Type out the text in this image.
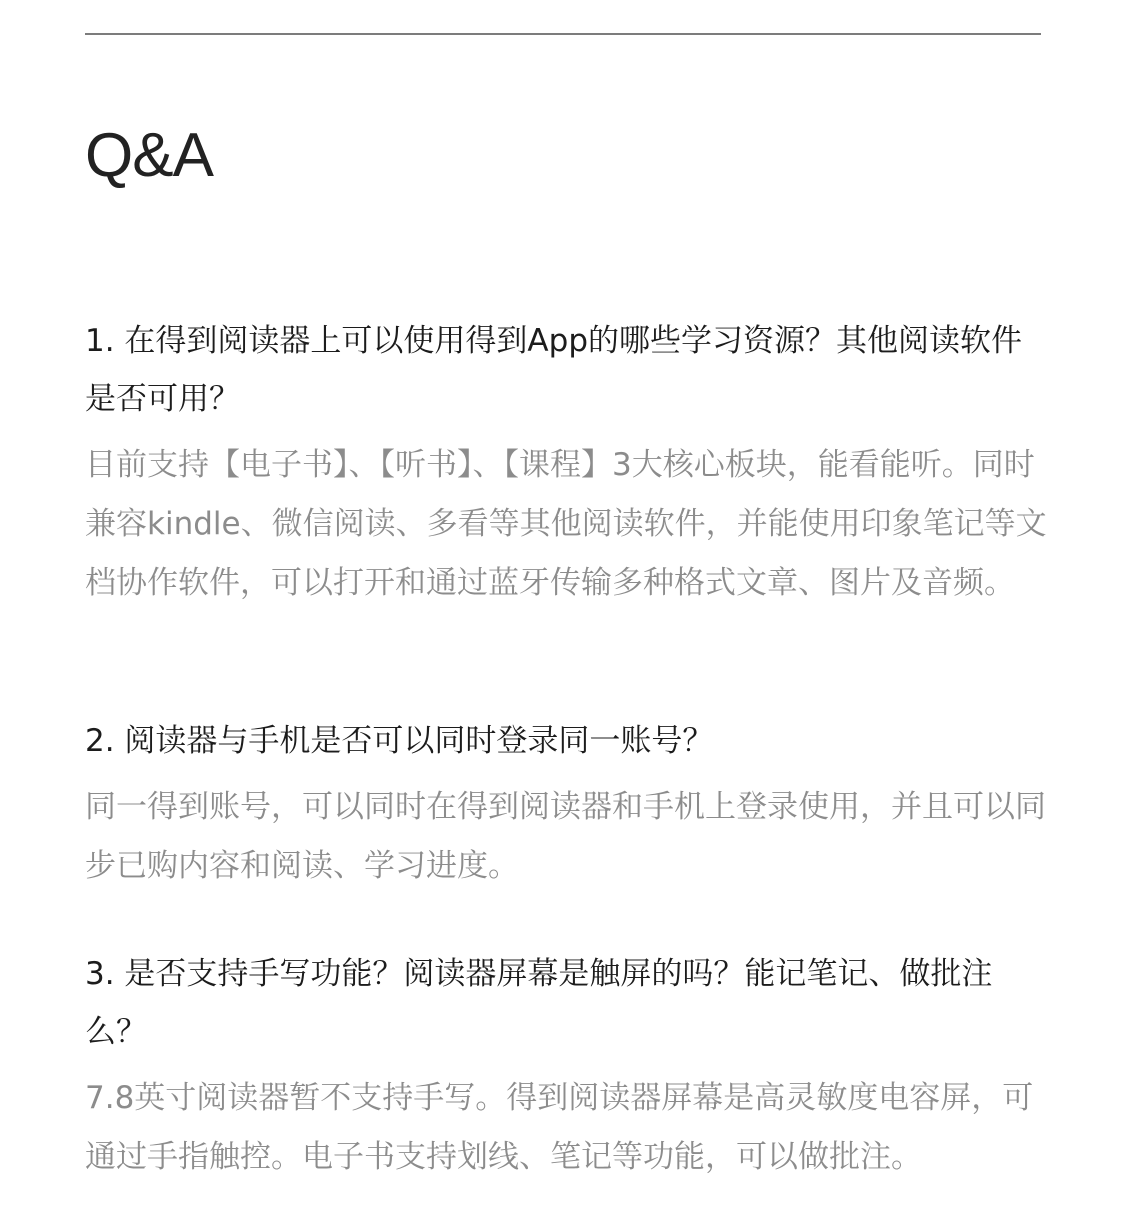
Q&A

1. 在得到阅读器上可以使用得到App的哪些学习资源？其他阅读软件是否可用？

目前支持【电子书】、【听书】、【课程】3大核心板块，能看能听。同时兼容kindle、微信阅读、多看等其他阅读软件，并能使用印象笔记等文档协作软件，可以打开和通过蓝牙传输多种格式文章、图片及音频。

2. 阅读器与手机是否可以同时登录同一账号？

同一得到账号，可以同时在得到阅读器和手机上登录使用，并且可以同步已购内容和阅读、学习进度。

3. 是否支持手写功能？阅读器屏幕是触屏的吗？能记笔记、做批注么？

7.8英寸阅读器暂不支持手写。得到阅读器屏幕是高灵敏度电容屏，可通过手指触控。电子书支持划线、笔记等功能，可以做批注。
